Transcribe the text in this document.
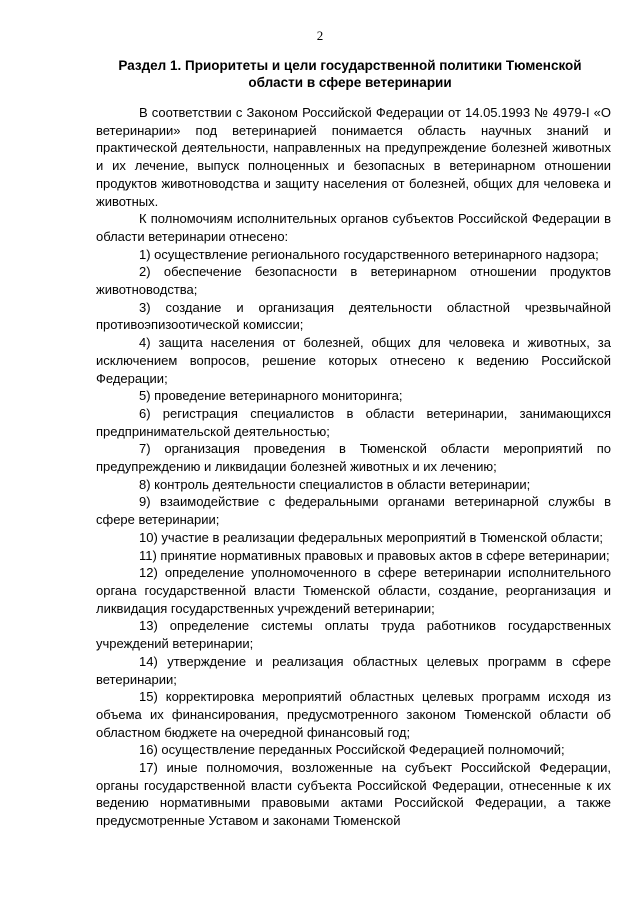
2
Раздел 1. Приоритеты и цели государственной политики Тюменской области в сфере ветеринарии

В соответствии с Законом Российской Федерации от 14.05.1993 № 4979-I «О ветеринарии» под ветеринарией понимается область научных знаний и практической деятельности, направленных на предупреждение болезней животных и их лечение, выпуск полноценных и безопасных в ветеринарном отношении продуктов животноводства и защиту населения от болезней, общих для человека и животных.

К полномочиям исполнительных органов субъектов Российской Федерации в области ветеринарии отнесено:

1) осуществление регионального государственного ветеринарного надзора;

2) обеспечение безопасности в ветеринарном отношении продуктов животноводства;

3) создание и организация деятельности областной чрезвычайной противоэпизоотической комиссии;

4) защита населения от болезней, общих для человека и животных, за исключением вопросов, решение которых отнесено к ведению Российской Федерации;

5) проведение ветеринарного мониторинга;

6) регистрация специалистов в области ветеринарии, занимающихся предпринимательской деятельностью;

7) организация проведения в Тюменской области мероприятий по предупреждению и ликвидации болезней животных и их лечению;

8) контроль деятельности специалистов в области ветеринарии;

9) взаимодействие с федеральными органами ветеринарной службы в сфере ветеринарии;

10) участие в реализации федеральных мероприятий в Тюменской области;

11) принятие нормативных правовых и правовых актов в сфере ветеринарии;

12) определение уполномоченного в сфере ветеринарии исполнительного органа государственной власти Тюменской области, создание, реорганизация и ликвидация государственных учреждений ветеринарии;

13) определение системы оплаты труда работников государственных учреждений ветеринарии;

14) утверждение и реализация областных целевых программ в сфере ветеринарии;

15) корректировка мероприятий областных целевых программ исходя из объема их финансирования, предусмотренного законом Тюменской области об областном бюджете на очередной финансовый год;

16) осуществление переданных Российской Федерацией полномочий;

17) иные полномочия, возложенные на субъект Российской Федерации, органы государственной власти субъекта Российской Федерации, отнесенные к их ведению нормативными правовыми актами Российской Федерации, а также предусмотренные Уставом и законами Тюменской
